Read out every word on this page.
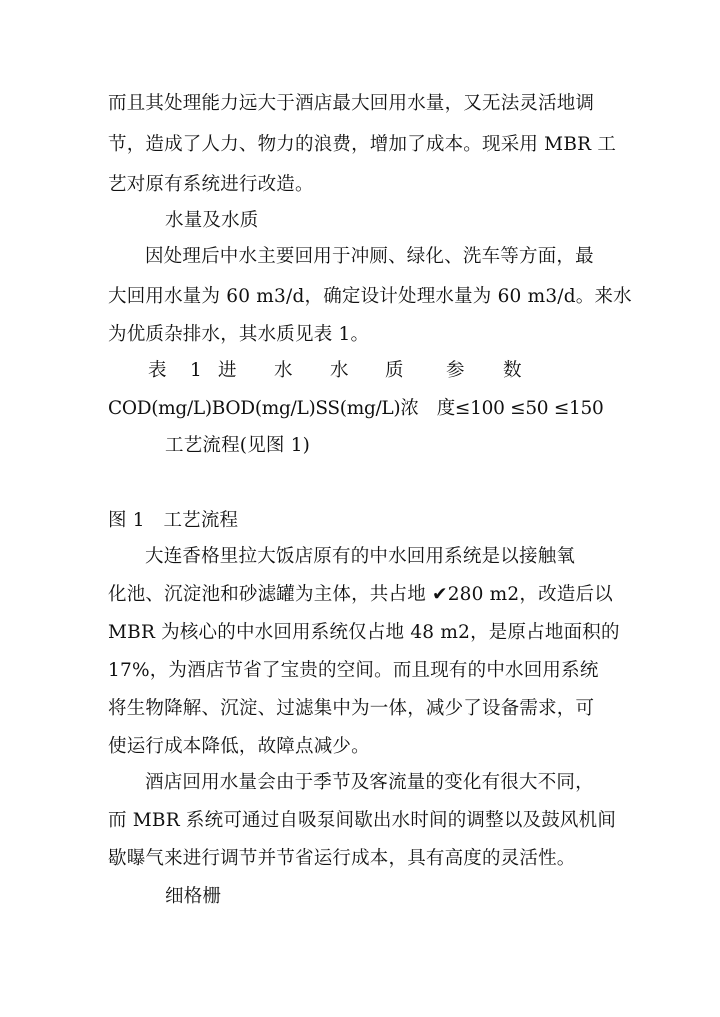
而且其处理能力远大于酒店最大回用水量，又无法灵活地调
节，造成了人力、物力的浪费，增加了成本。现采用 MBR 工
艺对原有系统进行改造。
水量及水质
因处理后中水主要回用于冲厕、绿化、洗车等方面，最
大回用水量为 60 m3/d，确定设计处理水量为 60 m3/d。来水
为优质杂排水，其水质见表 1。
表 1 进 水 水 质 参 数
COD(mg/L)BOD(mg/L)SS(mg/L)浓　度≤100 ≤50 ≤150
工艺流程(见图 1)
图 1　工艺流程
大连香格里拉大饭店原有的中水回用系统是以接触氧
化池、沉淀池和砂滤罐为主体，共占地 ✔280 m2，改造后以
MBR 为核心的中水回用系统仅占地 48 m2，是原占地面积的
17%，为酒店节省了宝贵的空间。而且现有的中水回用系统
将生物降解、沉淀、过滤集中为一体，减少了设备需求，可
使运行成本降低，故障点减少。
酒店回用水量会由于季节及客流量的变化有很大不同，
而 MBR 系统可通过自吸泵间歇出水时间的调整以及鼓风机间
歇曝气来进行调节并节省运行成本，具有高度的灵活性。
细格栅
